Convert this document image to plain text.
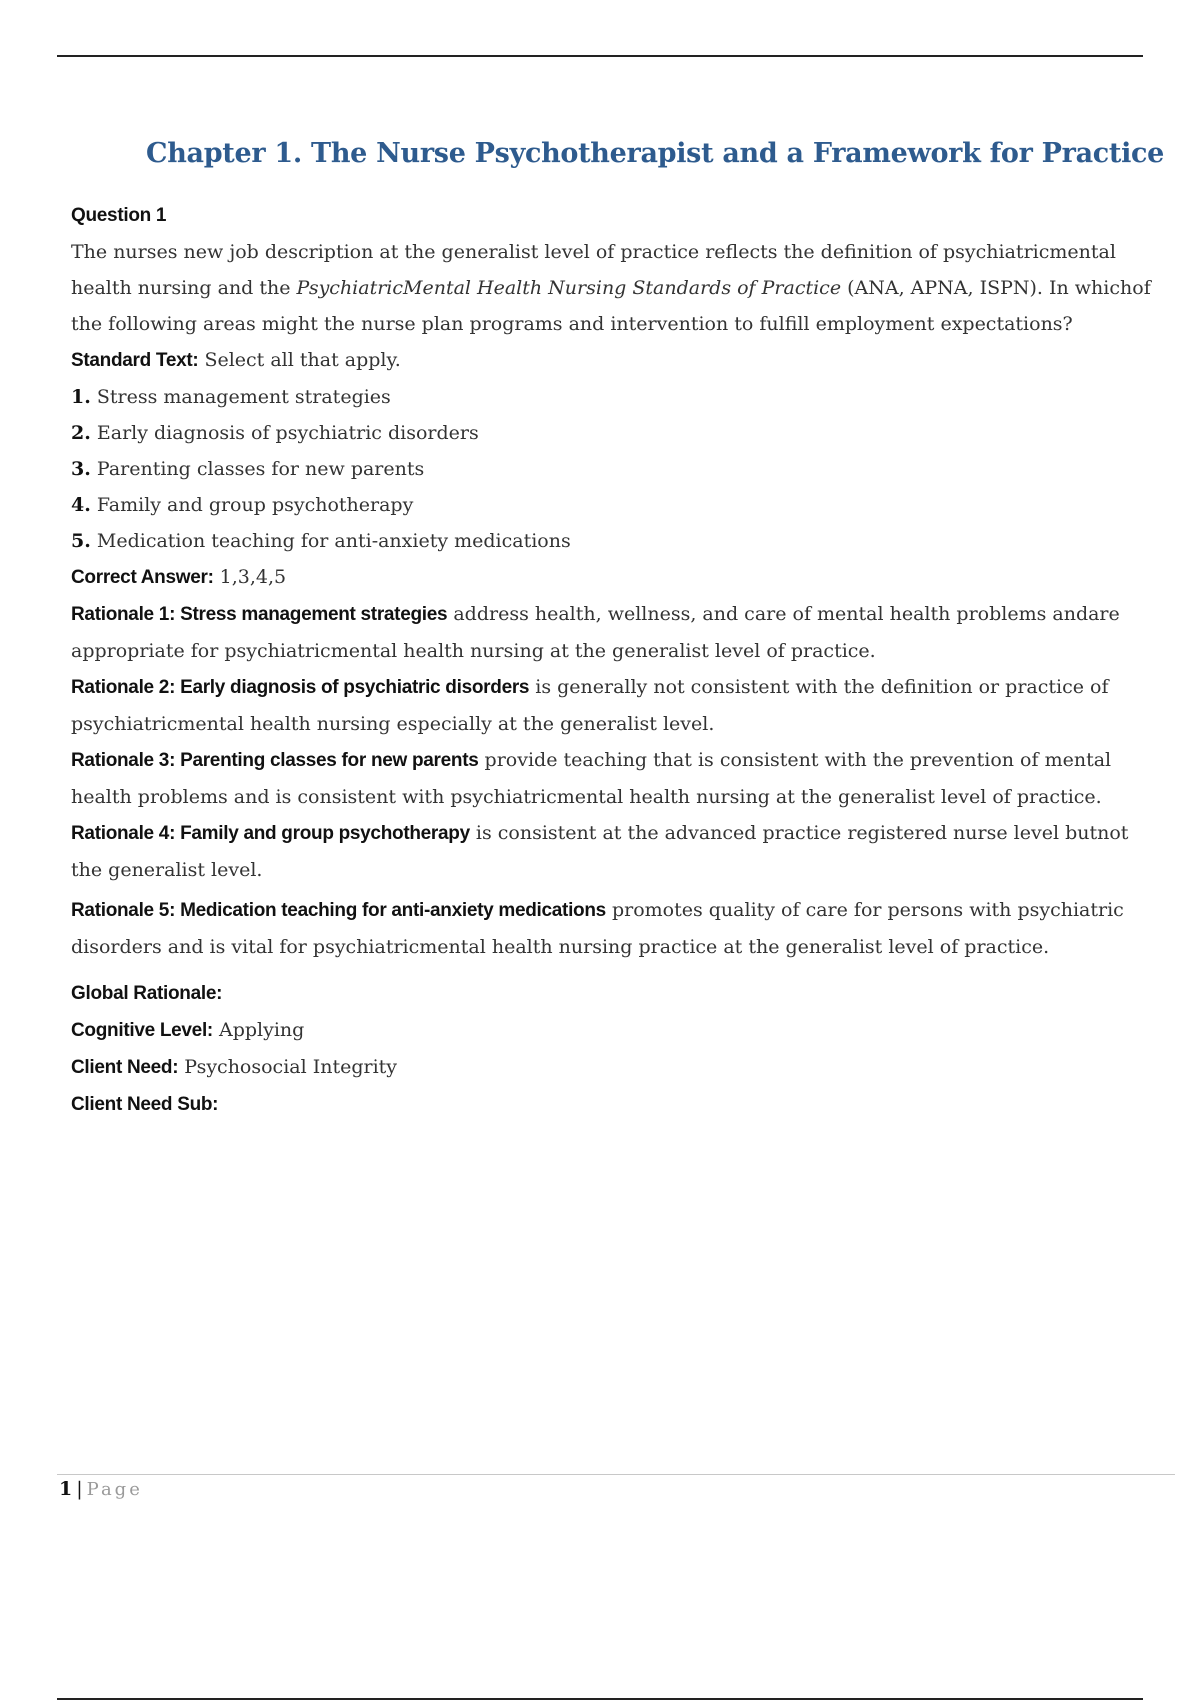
Chapter 1. The Nurse Psychotherapist and a Framework for Practice

Question 1

The nurses new job description at the generalist level of practice reflects the definition of psychiatricmental health nursing and the PsychiatricMental Health Nursing Standards of Practice (ANA, APNA, ISPN). In whichof the following areas might the nurse plan programs and intervention to fulfill employment expectations?

Standard Text: Select all that apply.

1. Stress management strategies

2. Early diagnosis of psychiatric disorders

3. Parenting classes for new parents

4. Family and group psychotherapy

5. Medication teaching for anti-anxiety medications

Correct Answer: 1,3,4,5

Rationale 1: Stress management strategies address health, wellness, and care of mental health problems andare appropriate for psychiatricmental health nursing at the generalist level of practice.

Rationale 2: Early diagnosis of psychiatric disorders is generally not consistent with the definition or practice of psychiatricmental health nursing especially at the generalist level.

Rationale 3: Parenting classes for new parents provide teaching that is consistent with the prevention of mental health problems and is consistent with psychiatricmental health nursing at the generalist level of practice.

Rationale 4: Family and group psychotherapy is consistent at the advanced practice registered nurse level butnot the generalist level.

Rationale 5: Medication teaching for anti-anxiety medications promotes quality of care for persons with psychiatric disorders and is vital for psychiatricmental health nursing practice at the generalist level of practice.

Global Rationale:

Cognitive Level: Applying

Client Need: Psychosocial Integrity

Client Need Sub:

1 | Page
